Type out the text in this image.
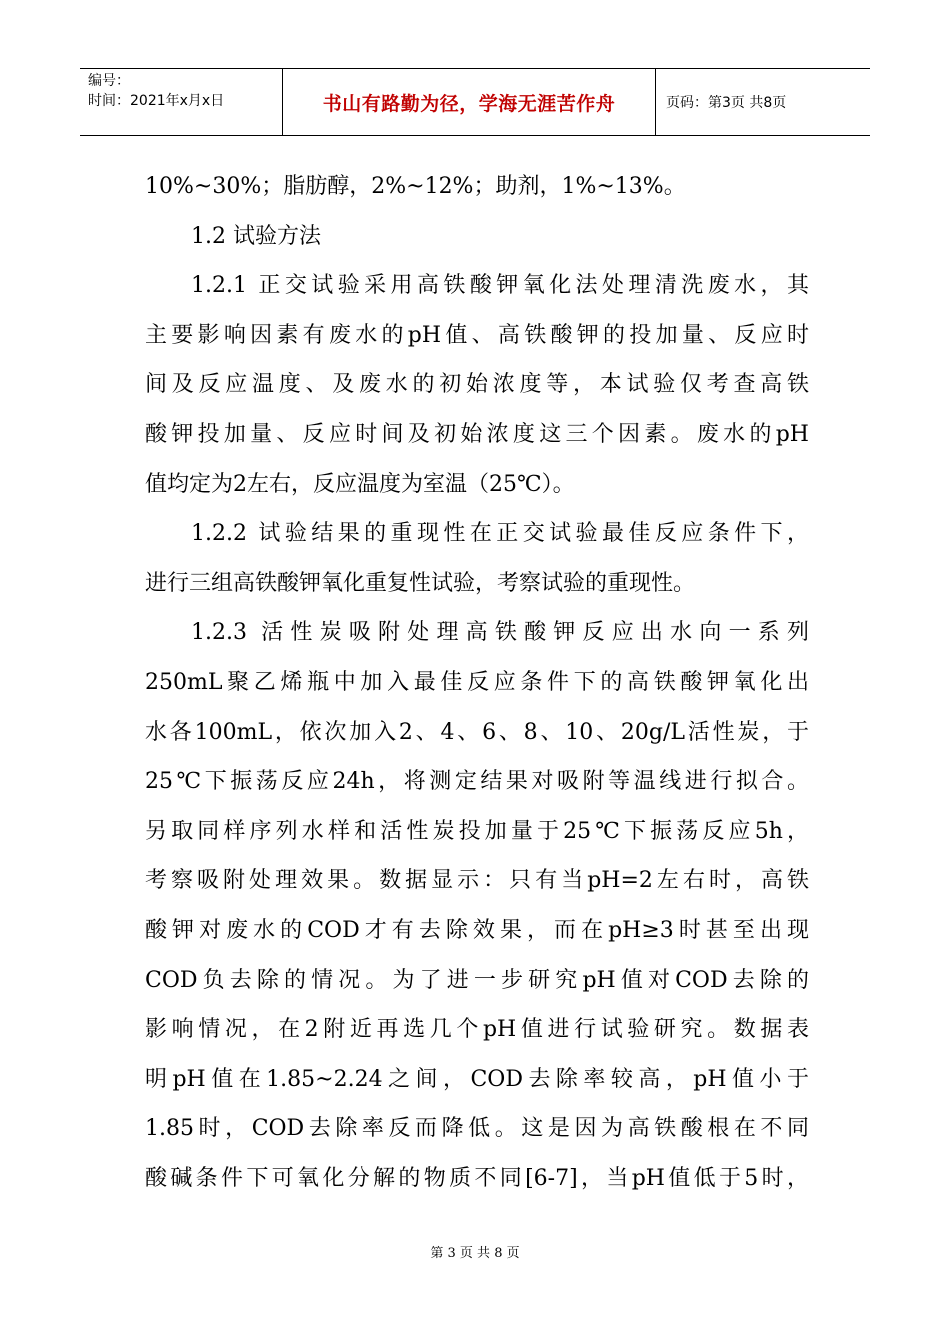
编号：
时间：2021年x月x日	书山有路勤为径，学海无涯苦作舟	页码：第3页 共8页
10%~30%；脂肪醇，2%~12%；助剂，1%~13%。
1.2 试验方法
1.2.1 正交试验采用高铁酸钾氧化法处理清洗废水，其
主要影响因素有废水的pH值、高铁酸钾的投加量、反应时
间及反应温度、及废水的初始浓度等，本试验仅考查高铁
酸钾投加量、反应时间及初始浓度这三个因素。废水的pH
值均定为2左右，反应温度为室温（25℃）。
1.2.2 试验结果的重现性在正交试验最佳反应条件下，
进行三组高铁酸钾氧化重复性试验，考察试验的重现性。
1.2.3 活性炭吸附处理高铁酸钾反应出水向一系列
250mL聚乙烯瓶中加入最佳反应条件下的高铁酸钾氧化出
水各100mL，依次加入2、4、6、8、10、20g/L活性炭，于
25℃下振荡反应24h，将测定结果对吸附等温线进行拟合。
另取同样序列水样和活性炭投加量于25℃下振荡反应5h，
考察吸附处理效果。数据显示：只有当pH=2左右时，高铁
酸钾对废水的COD才有去除效果，而在pH≥3时甚至出现
COD负去除的情况。为了进一步研究pH值对COD去除的
影响情况，在2附近再选几个pH值进行试验研究。数据表
明pH值在1.85~2.24之间，COD去除率较高，pH值小于
1.85时，COD去除率反而降低。这是因为高铁酸根在不同
酸碱条件下可氧化分解的物质不同[6-7]，当pH值低于5时，
第 3 页 共 8 页
